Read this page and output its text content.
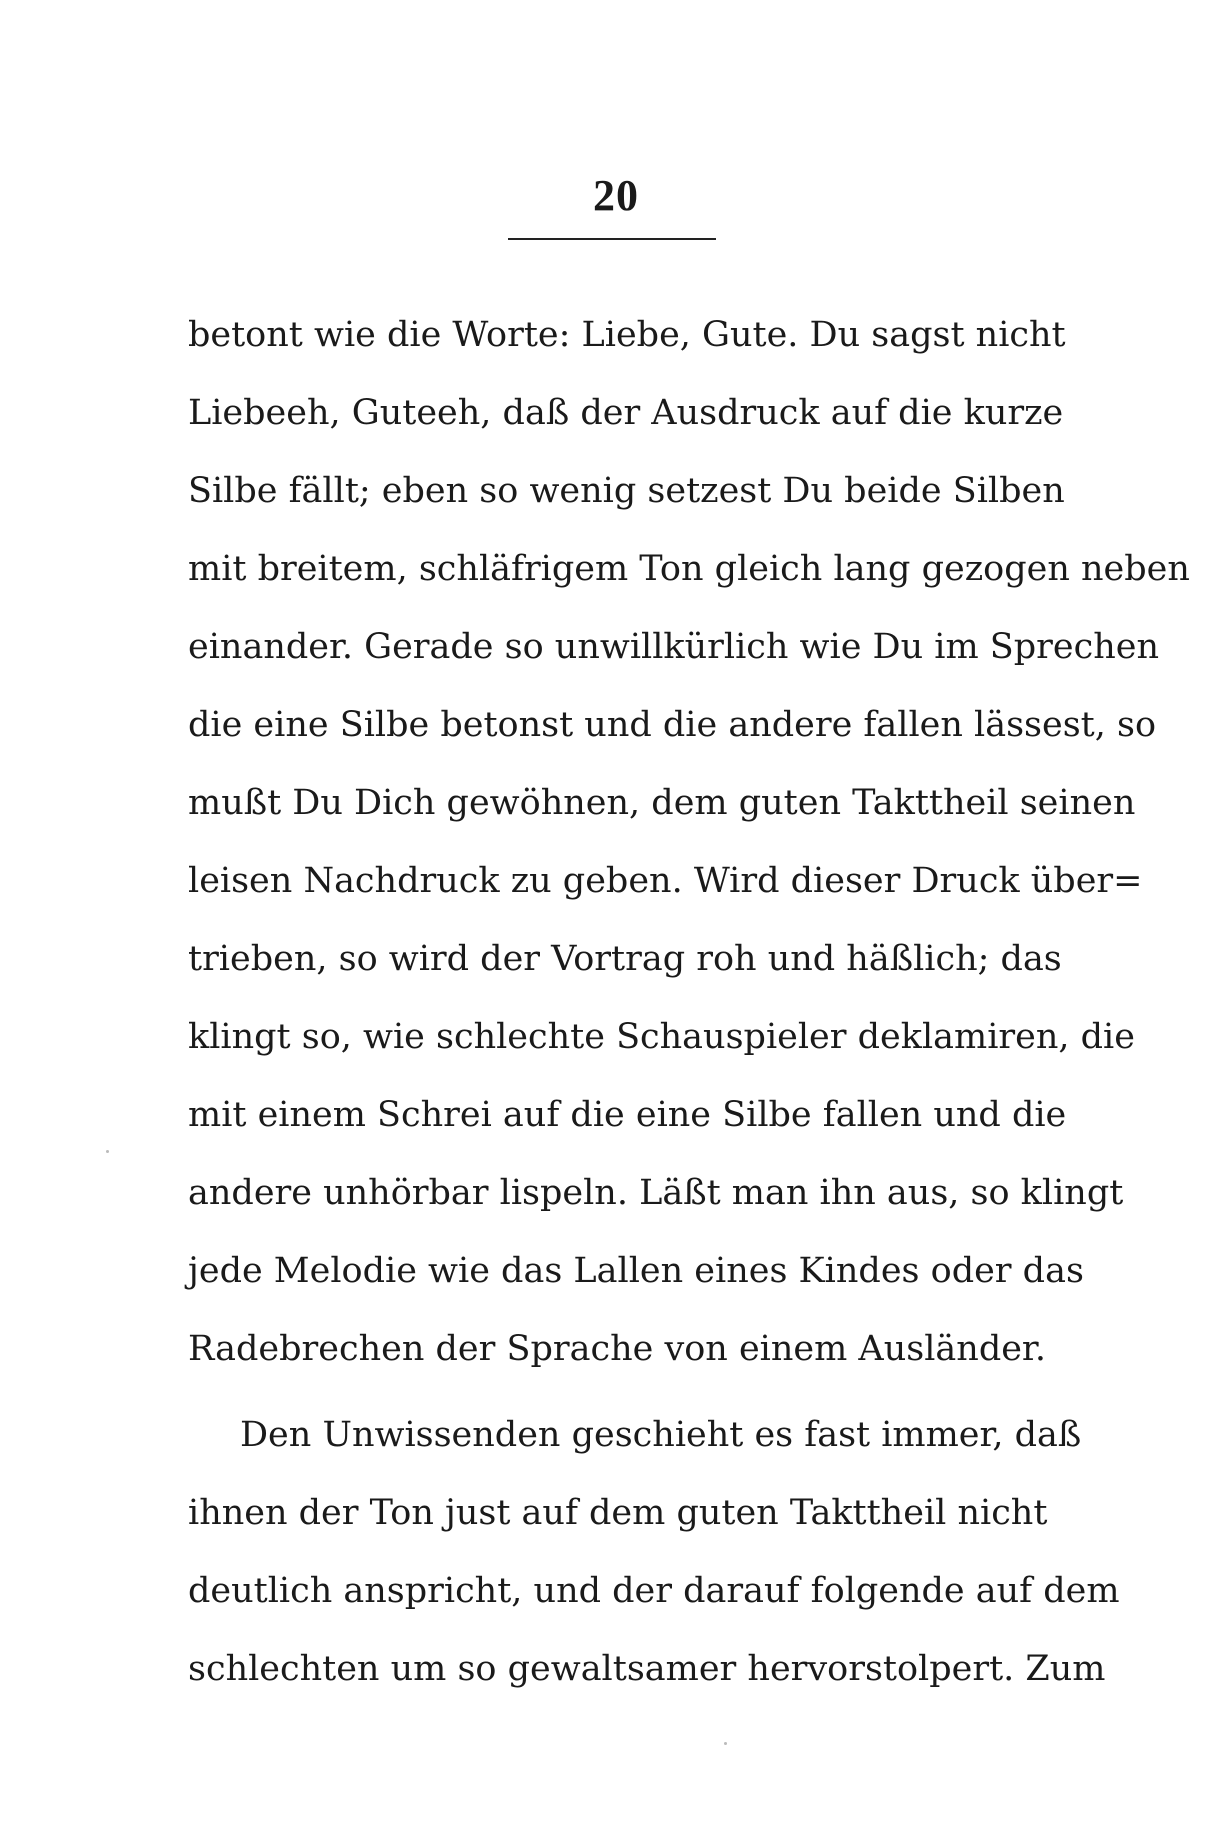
20
betont wie die Worte: Liebe, Gute. Du sagst nicht
Liebeeh, Guteeh, daß der Ausdruck auf die kurze
Silbe fällt; eben so wenig setzest Du beide Silben
mit breitem, schläfrigem Ton gleich lang gezogen neben
einander. Gerade so unwillkürlich wie Du im Sprechen
die eine Silbe betonst und die andere fallen lässest, so
mußt Du Dich gewöhnen, dem guten Takttheil seinen
leisen Nachdruck zu geben. Wird dieser Druck über=
trieben, so wird der Vortrag roh und häßlich; das
klingt so, wie schlechte Schauspieler deklamiren, die
mit einem Schrei auf die eine Silbe fallen und die
andere unhörbar lispeln. Läßt man ihn aus, so klingt
jede Melodie wie das Lallen eines Kindes oder das
Radebrechen der Sprache von einem Ausländer.
Den Unwissenden geschieht es fast immer, daß
ihnen der Ton just auf dem guten Takttheil nicht
deutlich anspricht, und der darauf folgende auf dem
schlechten um so gewaltsamer hervorstolpert. Zum
